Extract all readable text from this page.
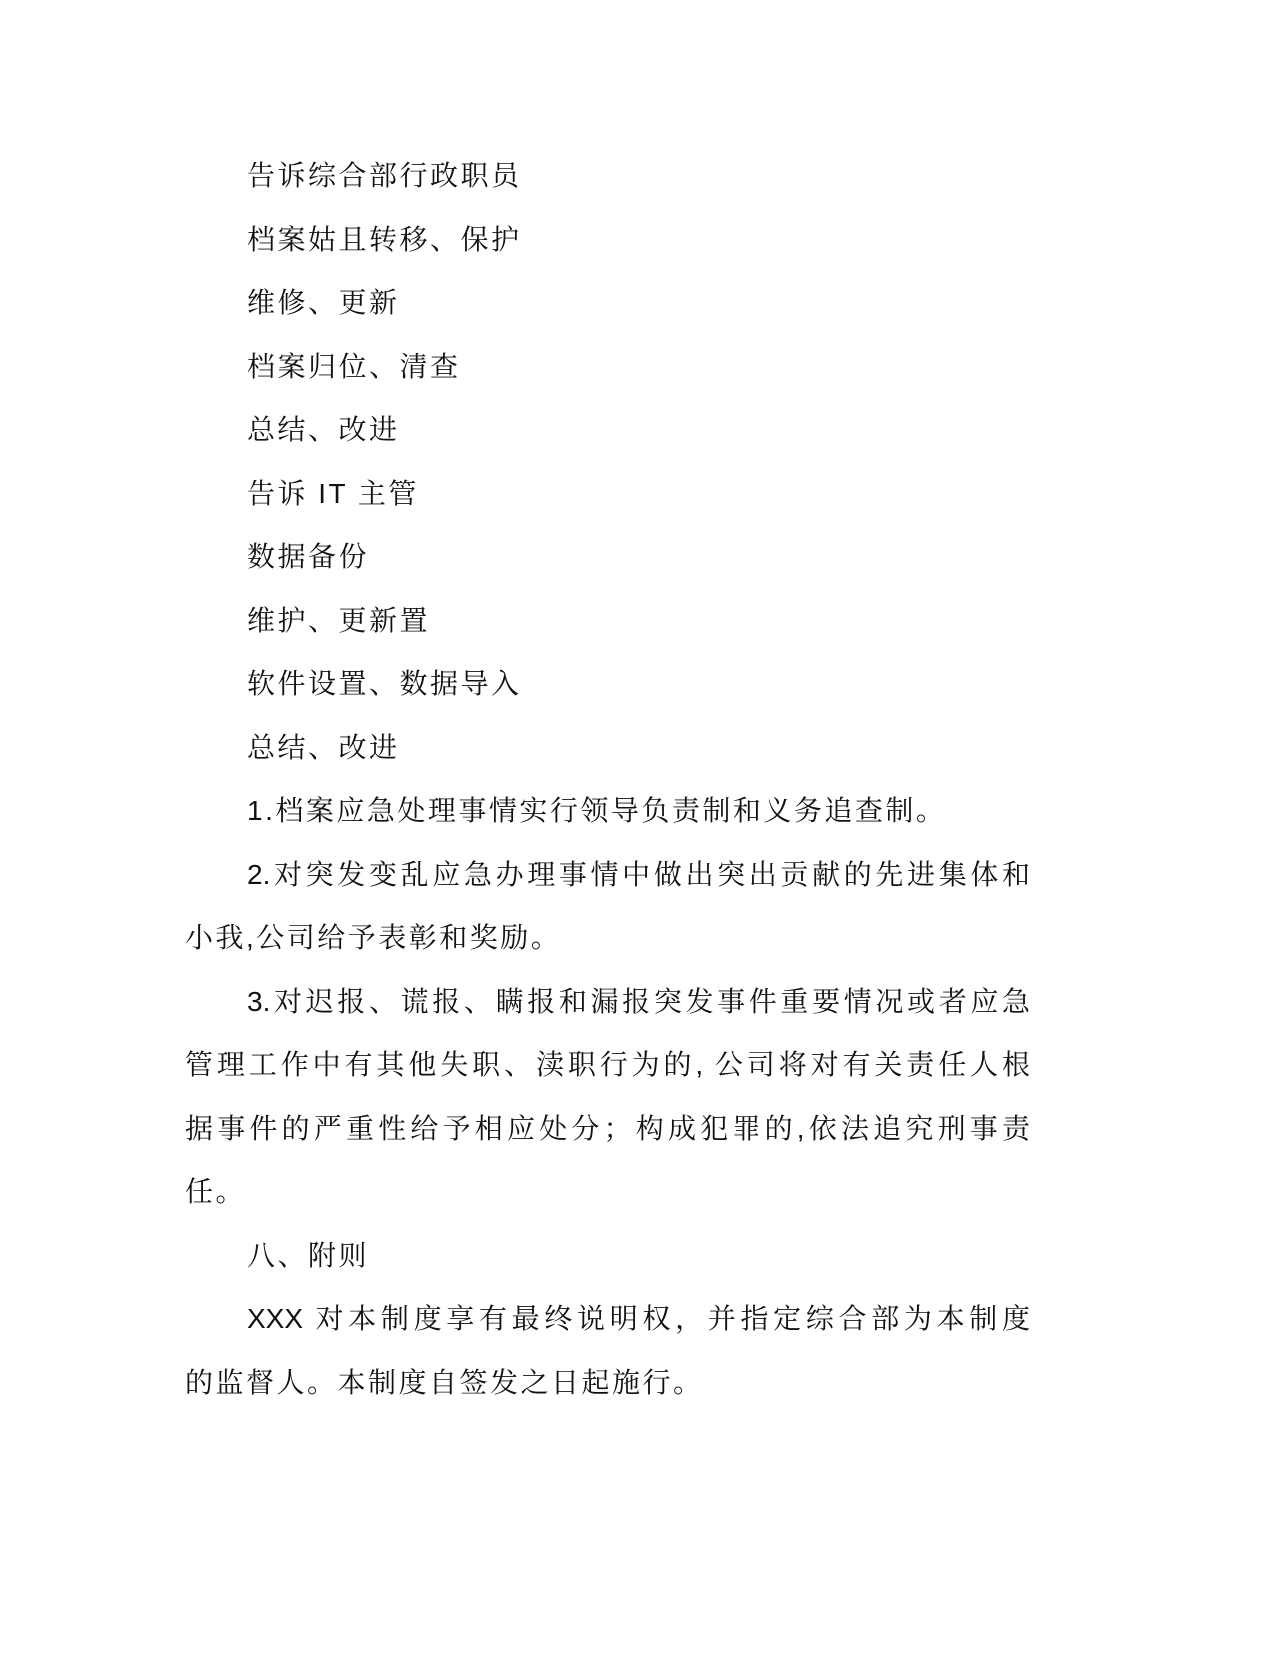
告诉综合部行政职员
档案姑且转移、保护
维修、更新
档案归位、清查
总结、改进
告诉 IT 主管
数据备份
维护、更新置
软件设置、数据导入
总结、改进
1.档案应急处理事情实行领导负责制和义务追查制。
2.对突发变乱应急办理事情中做出突出贡献的先进集体和
小我,公司给予表彰和奖励。
3.对迟报、谎报、瞒报和漏报突发事件重要情况或者应急
管理工作中有其他失职、渎职行为的, 公司将对有关责任人根
据事件的严重性给予相应处分；构成犯罪的,依法追究刑事责
任。
八、附则
XXX 对本制度享有最终说明权，并指定综合部为本制度
的监督人。本制度自签发之日起施行。
